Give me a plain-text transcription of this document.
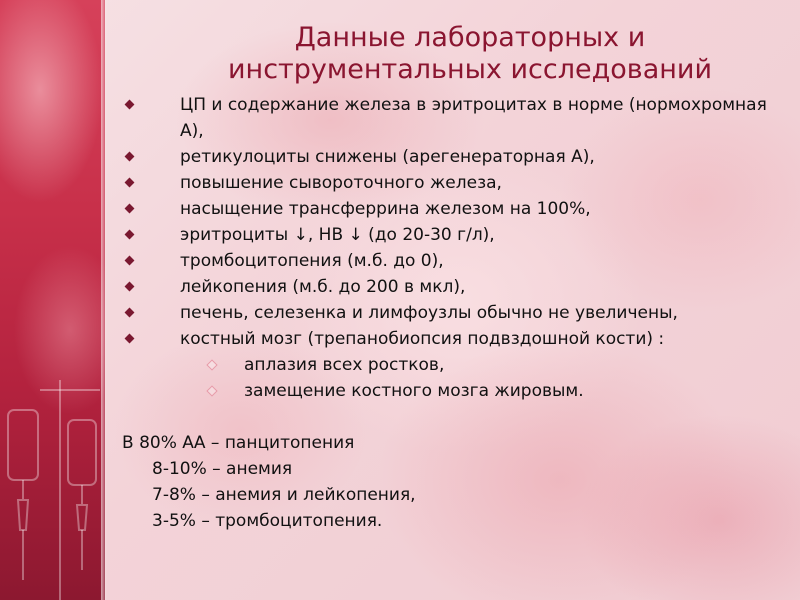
Данные лабораторных и
инструментальных исследований
ЦП и содержание железа в эритроцитах в норме (нормохромная А),
ретикулоциты снижены (арегенераторная А),
повышение сывороточного железа,
насыщение трансферрина железом на 100%,
эритроциты ↓, НВ ↓ (до 20-30 г/л),
тромбоцитопения (м.б. до 0),
лейкопения (м.б. до 200 в мкл),
печень, селезенка и лимфоузлы обычно не увеличены,
костный мозг (трепанобиопсия подвздошной кости) :
аплазия всех ростков,
замещение костного мозга жировым.
В 80% АА – панцитопения
8-10% – анемия
7-8% – анемия и лейкопения,
3-5% – тромбоцитопения.
